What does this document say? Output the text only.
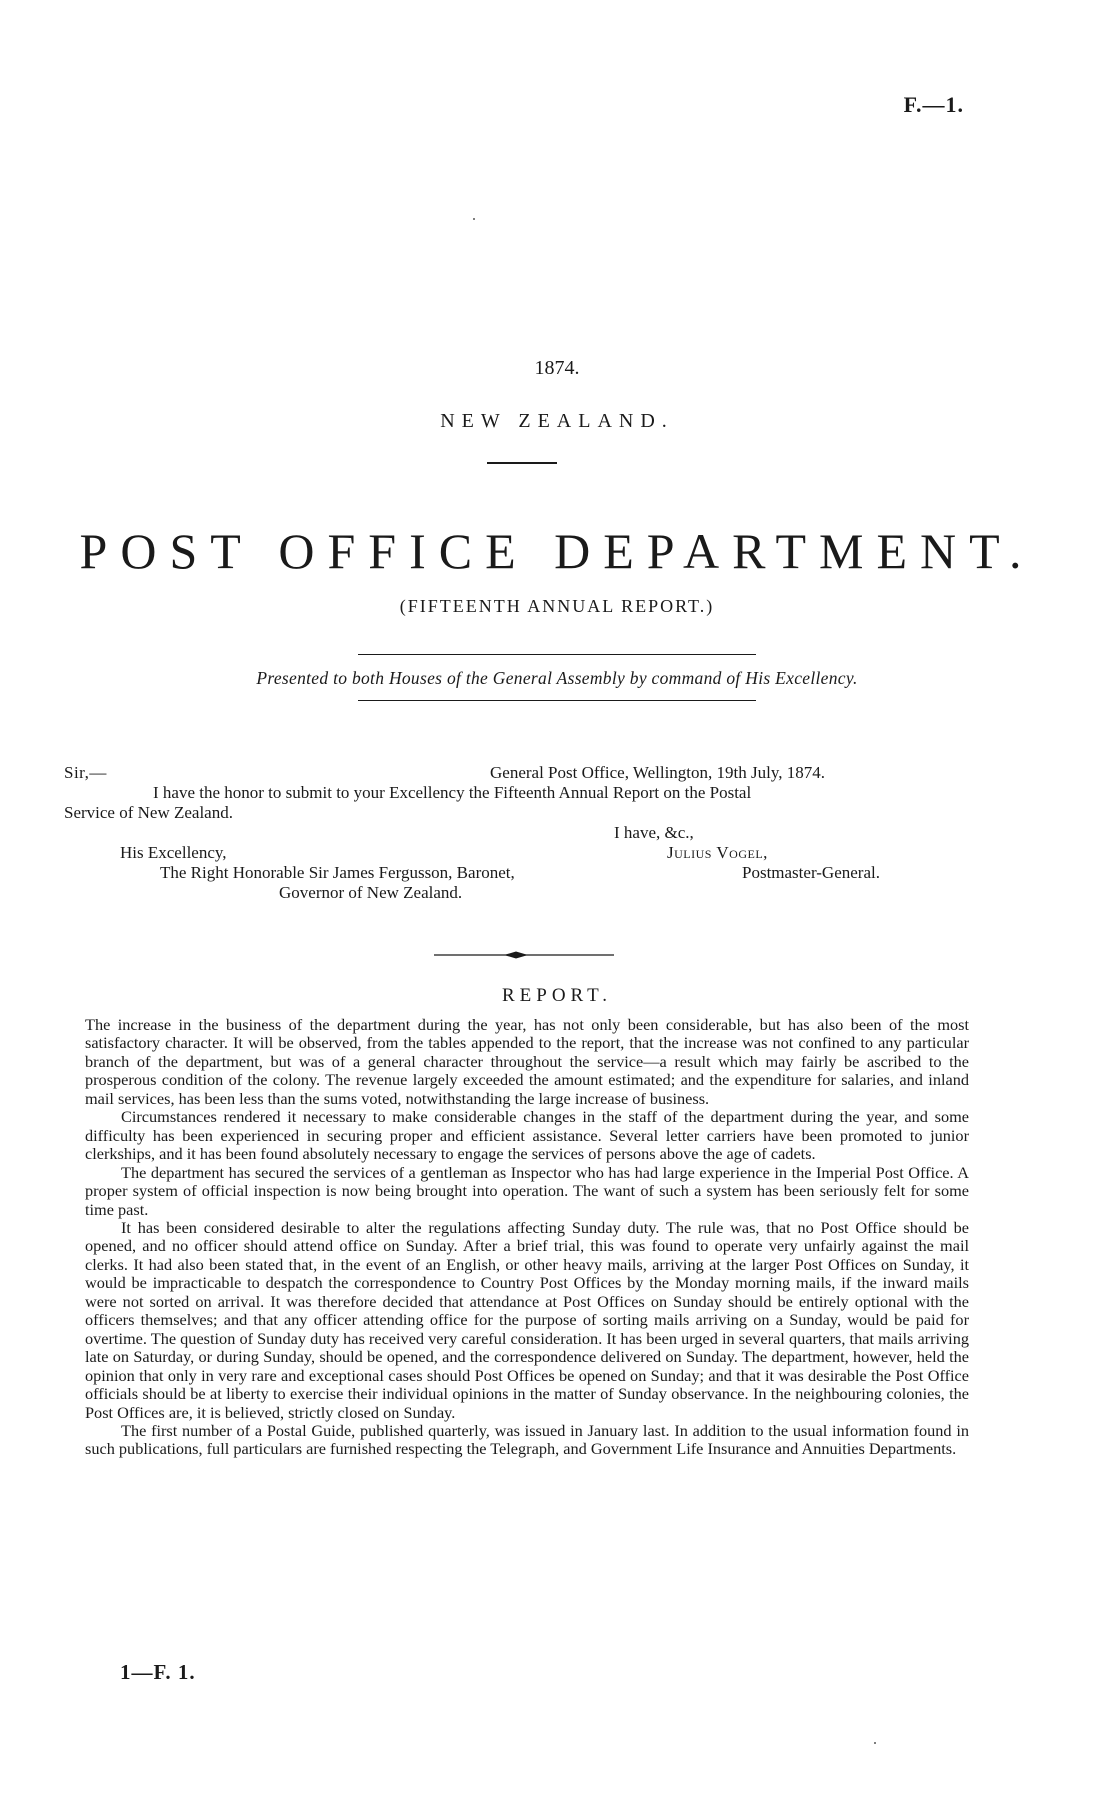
F.—1.
1874.
NEW ZEALAND.
POST OFFICE DEPARTMENT.
(FIFTEENTH ANNUAL REPORT.)
Presented to both Houses of the General Assembly by command of His Excellency.
Sir,—	General Post Office, Wellington, 19th July, 1874.
I have the honor to submit to your Excellency the Fifteenth Annual Report on the Postal
Service of New Zealand.
I have, &c.,
His Excellency,	Julius Vogel,
The Right Honorable Sir James Fergusson, Baronet,	Postmaster-General.
Governor of New Zealand.
REPORT.

The increase in the business of the department during the year, has not only been considerable, but has also been of the most satisfactory character. It will be observed, from the tables appended to the report, that the increase was not confined to any particular branch of the department, but was of a general character throughout the service—a result which may fairly be ascribed to the prosperous condition of the colony. The revenue largely exceeded the amount estimated; and the expenditure for salaries, and inland mail services, has been less than the sums voted, notwithstanding the large increase of business.

Circumstances rendered it necessary to make considerable changes in the staff of the department during the year, and some difficulty has been experienced in securing proper and efficient assistance. Several letter carriers have been promoted to junior clerkships, and it has been found absolutely necessary to engage the services of persons above the age of cadets.

The department has secured the services of a gentleman as Inspector who has had large experience in the Imperial Post Office. A proper system of official inspection is now being brought into operation. The want of such a system has been seriously felt for some time past.

It has been considered desirable to alter the regulations affecting Sunday duty. The rule was, that no Post Office should be opened, and no officer should attend office on Sunday. After a brief trial, this was found to operate very unfairly against the mail clerks. It had also been stated that, in the event of an English, or other heavy mails, arriving at the larger Post Offices on Sunday, it would be impracticable to despatch the correspondence to Country Post Offices by the Monday morning mails, if the inward mails were not sorted on arrival. It was therefore decided that attendance at Post Offices on Sunday should be entirely optional with the officers themselves; and that any officer attending office for the purpose of sorting mails arriving on a Sunday, would be paid for overtime. The question of Sunday duty has received very careful consideration. It has been urged in several quarters, that mails arriving late on Saturday, or during Sunday, should be opened, and the correspondence delivered on Sunday. The department, however, held the opinion that only in very rare and exceptional cases should Post Offices be opened on Sunday; and that it was desirable the Post Office officials should be at liberty to exercise their individual opinions in the matter of Sunday observance. In the neighbouring colonies, the Post Offices are, it is believed, strictly closed on Sunday.

The first number of a Postal Guide, published quarterly, was issued in January last. In addition to the usual information found in such publications, full particulars are furnished respecting the Telegraph, and Government Life Insurance and Annuities Departments.

1—F. 1.
